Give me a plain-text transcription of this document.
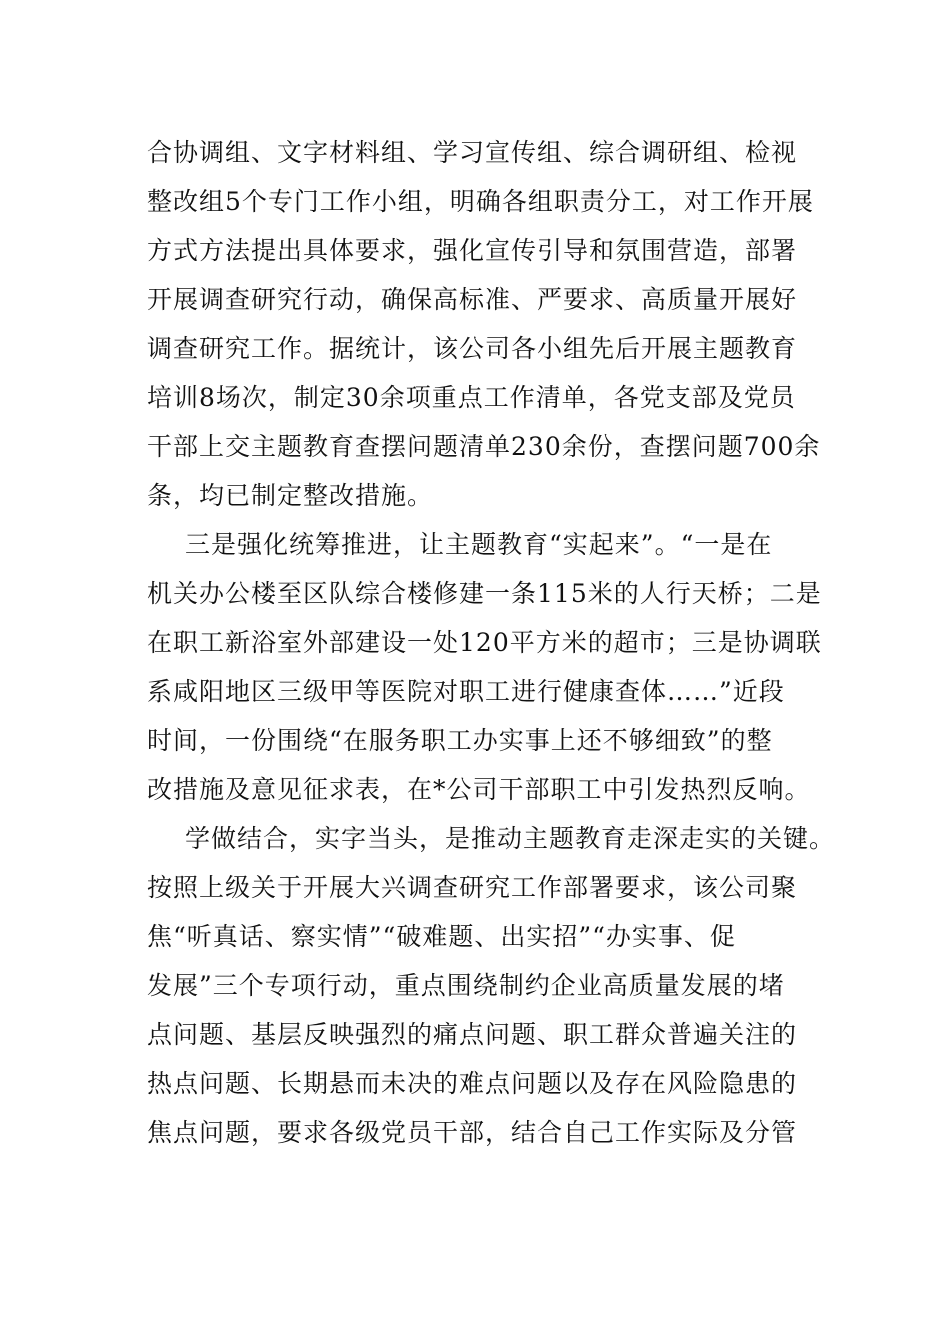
合协调组、文字材料组、学习宣传组、综合调研组、检视
整改组5个专门工作小组，明确各组职责分工，对工作开展
方式方法提出具体要求，强化宣传引导和氛围营造，部署
开展调查研究行动，确保高标准、严要求、高质量开展好
调查研究工作。据统计，该公司各小组先后开展主题教育
培训8场次，制定30余项重点工作清单，各党支部及党员
干部上交主题教育查摆问题清单230余份，查摆问题700余
条，均已制定整改措施。
三是强化统筹推进，让主题教育“实起来”。“一是在
机关办公楼至区队综合楼修建一条115米的人行天桥；二是
在职工新浴室外部建设一处120平方米的超市；三是协调联
系咸阳地区三级甲等医院对职工进行健康查体……”近段
时间，一份围绕“在服务职工办实事上还不够细致”的整
改措施及意见征求表，在*公司干部职工中引发热烈反响。
学做结合，实字当头，是推动主题教育走深走实的关键。
按照上级关于开展大兴调查研究工作部署要求，该公司聚
焦“听真话、察实情”“破难题、出实招”“办实事、促
发展”三个专项行动，重点围绕制约企业高质量发展的堵
点问题、基层反映强烈的痛点问题、职工群众普遍关注的
热点问题、长期悬而未决的难点问题以及存在风险隐患的
焦点问题，要求各级党员干部，结合自己工作实际及分管
